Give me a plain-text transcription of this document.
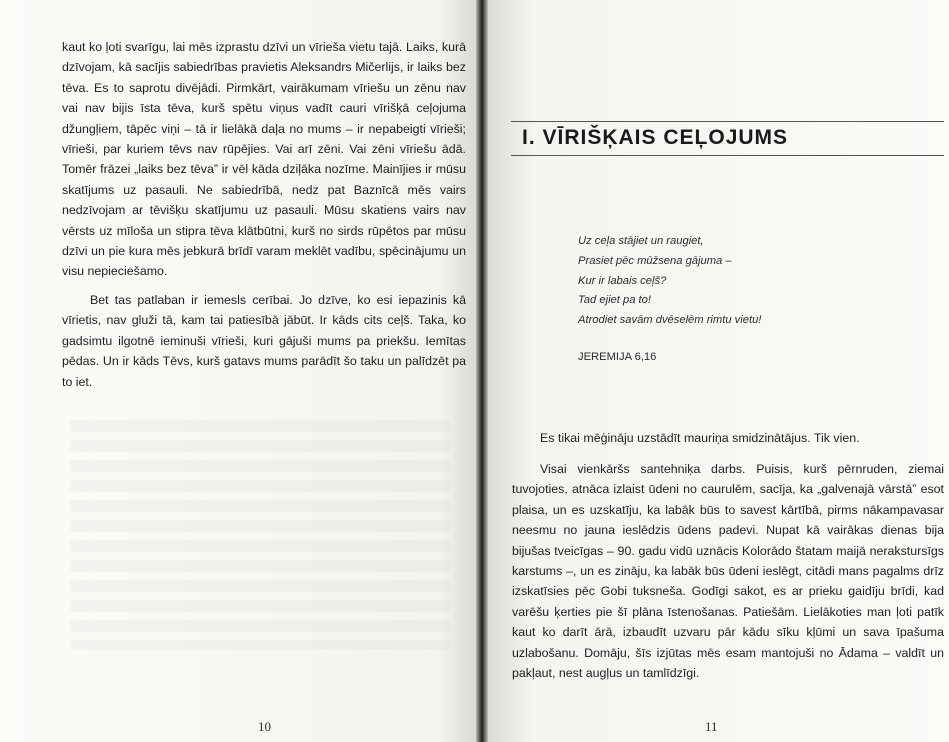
kaut ko ļoti svarīgu, lai mēs izprastu dzīvi un vīrieša vietu tajā. Laiks, kurā dzīvojam, kā sacījis sabiedrības pravietis Aleksandrs Mičerlijs, ir laiks bez tēva. Es to saprotu divējādi. Pirmkārt, vairākumam vīriešu un zēnu nav vai nav bijis īsta tēva, kurš spētu viņus vadīt cauri vīrišķā ceļojuma džungļiem, tāpēc viņi – tā ir lielākā daļa no mums – ir nepabeigti vīrieši; vīrieši, par kuriem tēvs nav rūpējies. Vai arī zēni. Vai zēni vīriešu ādā. Tomēr frāzei „laiks bez tēva” ir vēl kāda dziļāka nozīme. Mainījies ir mūsu skatījums uz pasauli. Ne sabiedrībā, nedz pat Baznīcā mēs vairs nedzīvojam ar tēvišķu skatījumu uz pasauli. Mūsu skatiens vairs nav vērsts uz mīloša un stipra tēva klātbūtni, kurš no sirds rūpētos par mūsu dzīvi un pie kura mēs jebkurā brīdī varam meklēt vadību, spēcinājumu un visu nepieciešamo.

Bet tas patlaban ir iemesls cerībai. Jo dzīve, ko esi iepazinis kā vīrietis, nav gluži tā, kam tai patiesībā jābūt. Ir kāds cits ceļš. Taka, ko gadsimtu ilgotnē ieminuši vīrieši, kuri gājuši mums pa priekšu. Iemītas pēdas. Un ir kāds Tēvs, kurš gatavs mums parādīt šo taku un palīdzēt pa to iet.

10
I. VĪRIŠĶAIS CEĻOJUMS
Uz ceļa stājiet un raugiet,
Prasiet pēc mūžsena gājuma –
Kur ir labais ceļš?
Tad ejiet pa to!
Atrodiet savām dvēselēm rimtu vietu!
JEREMIJA 6,16
Es tikai mēģināju uzstādīt mauriņa smidzinātājus. Tik vien.

Visai vienkāršs santehniķa darbs. Puisis, kurš pērnruden, ziemai tuvojoties, atnāca izlaist ūdeni no caurulēm, sacīja, ka „galvenajā vārstā” esot plaisa, un es uzskatīju, ka labāk būs to savest kārtībā, pirms nākampavasar neesmu no jauna ieslēdzis ūdens padevi. Nupat kā vairākas dienas bija bijušas tveicīgas – 90. gadu vidū uznācis Kolorādo štatam maijā nerakstursīgs karstums –, un es zināju, ka labāk būs ūdeni ieslēgt, citādi mans pagalms drīz izskatīsies pēc Gobi tuksneša. Godīgi sakot, es ar prieku gaidīju brīdi, kad varēšu ķerties pie šī plāna īstenošanas. Patiešām. Lielākoties man ļoti patīk kaut ko darīt ārā, izbaudīt uzvaru pār kādu sīku kļūmi un sava īpašuma uzlabošanu. Domāju, šīs izjūtas mēs esam mantojuši no Ādama – valdīt un pakļaut, nest augļus un tamlīdzīgi.

11
